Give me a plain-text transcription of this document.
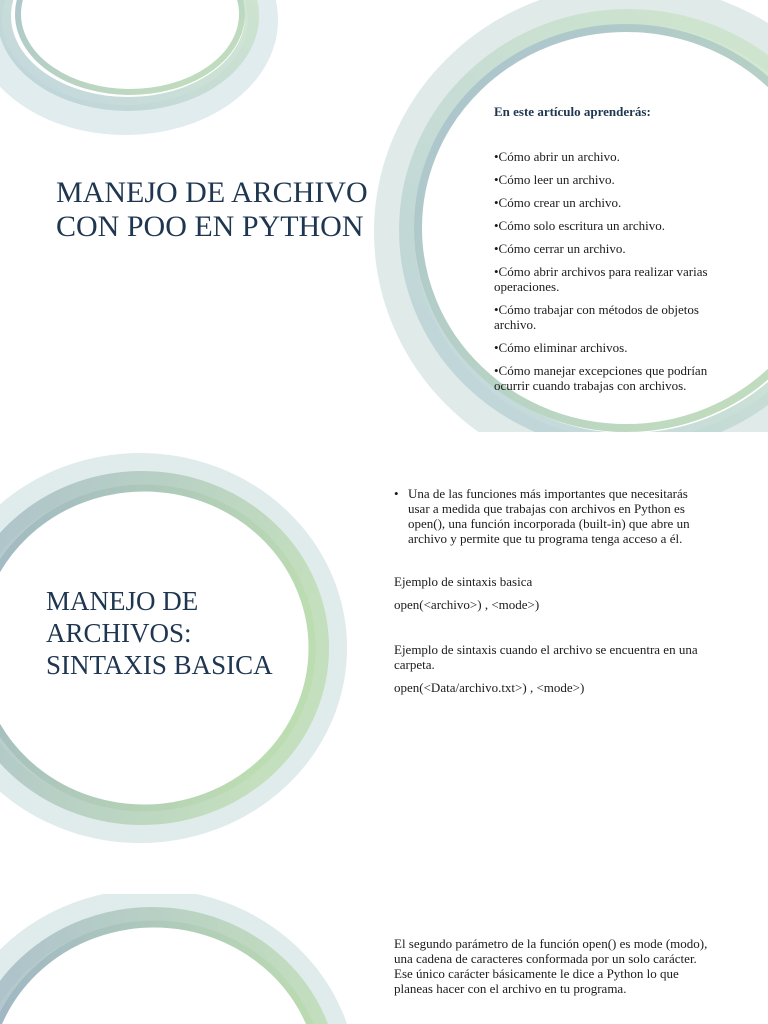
MANEJO DE ARCHIVO CON POO EN PYTHON

En este artículo aprenderás:

•Cómo abrir un archivo.
•Cómo leer un archivo.
•Cómo crear un archivo.
•Cómo solo escritura un archivo.
•Cómo cerrar un archivo.
•Cómo abrir archivos para realizar varias operaciones.
•Cómo trabajar con métodos de objetos archivo.
•Cómo eliminar archivos.
•Cómo manejar excepciones que podrían ocurrir cuando trabajas con archivos.
MANEJO DE ARCHIVOS: SINTAXIS BASICA
• Una de las funciones más importantes que necesitarás usar a medida que trabajas con archivos en Python es open(), una función incorporada (built-in) que abre un archivo y permite que tu programa tenga acceso a él.

Ejemplo de sintaxis basica

open(<archivo>) , <mode>)

Ejemplo de sintaxis cuando el archivo se encuentra en una carpeta.

open(<Data/archivo.txt>) , <mode>)

El segundo parámetro de la función open() es mode (modo), una cadena de caracteres conformada por un solo carácter. Ese único carácter básicamente le dice a Python lo que planeas hacer con el archivo en tu programa.
